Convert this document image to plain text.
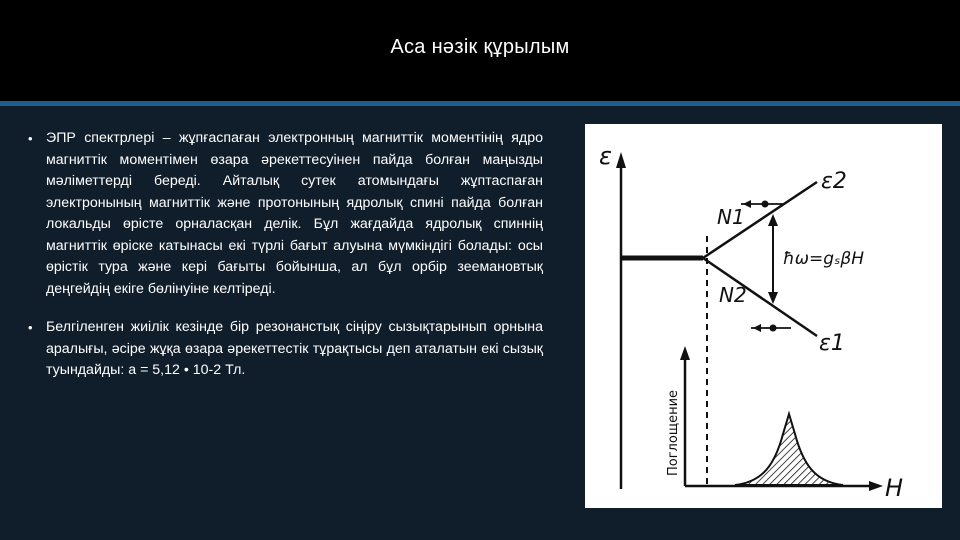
Аса нәзік құрылым
• ЭПР спектрлері – жұпғаспаған электронның магниттік моментінің ядро магниттік моментімен өзара әрекеттесуінен пайда болған маңызды мәліметтерді береді. Айталық сутек атомындағы жұптаспаған электронының магниттік және протонының ядролық спині пайда болған локальды өрісте орналасқан делік. Бұл жағдайда ядролық спиннің магниттік өріске катынасы екі түрлі бағыт алуына мүмкіндігі болады: осы өрістік тура және кері бағыты бойынша, ал бұл орбір зеемановтық деңгейдің екіге бөлінуіне келтіреді.
• Белгіленген жиілік кезінде бір резонанстық сіңіру сызықтарынып орнына аралығы, әсіре жұқа өзара әрекеттестік тұрақтысы деп аталатын екі сызық туындайды: а = 5,12 • 10-2 Тл.
ε
ε2
ε1
N1
N2
ħω=gₛβH
H
Поглощение
